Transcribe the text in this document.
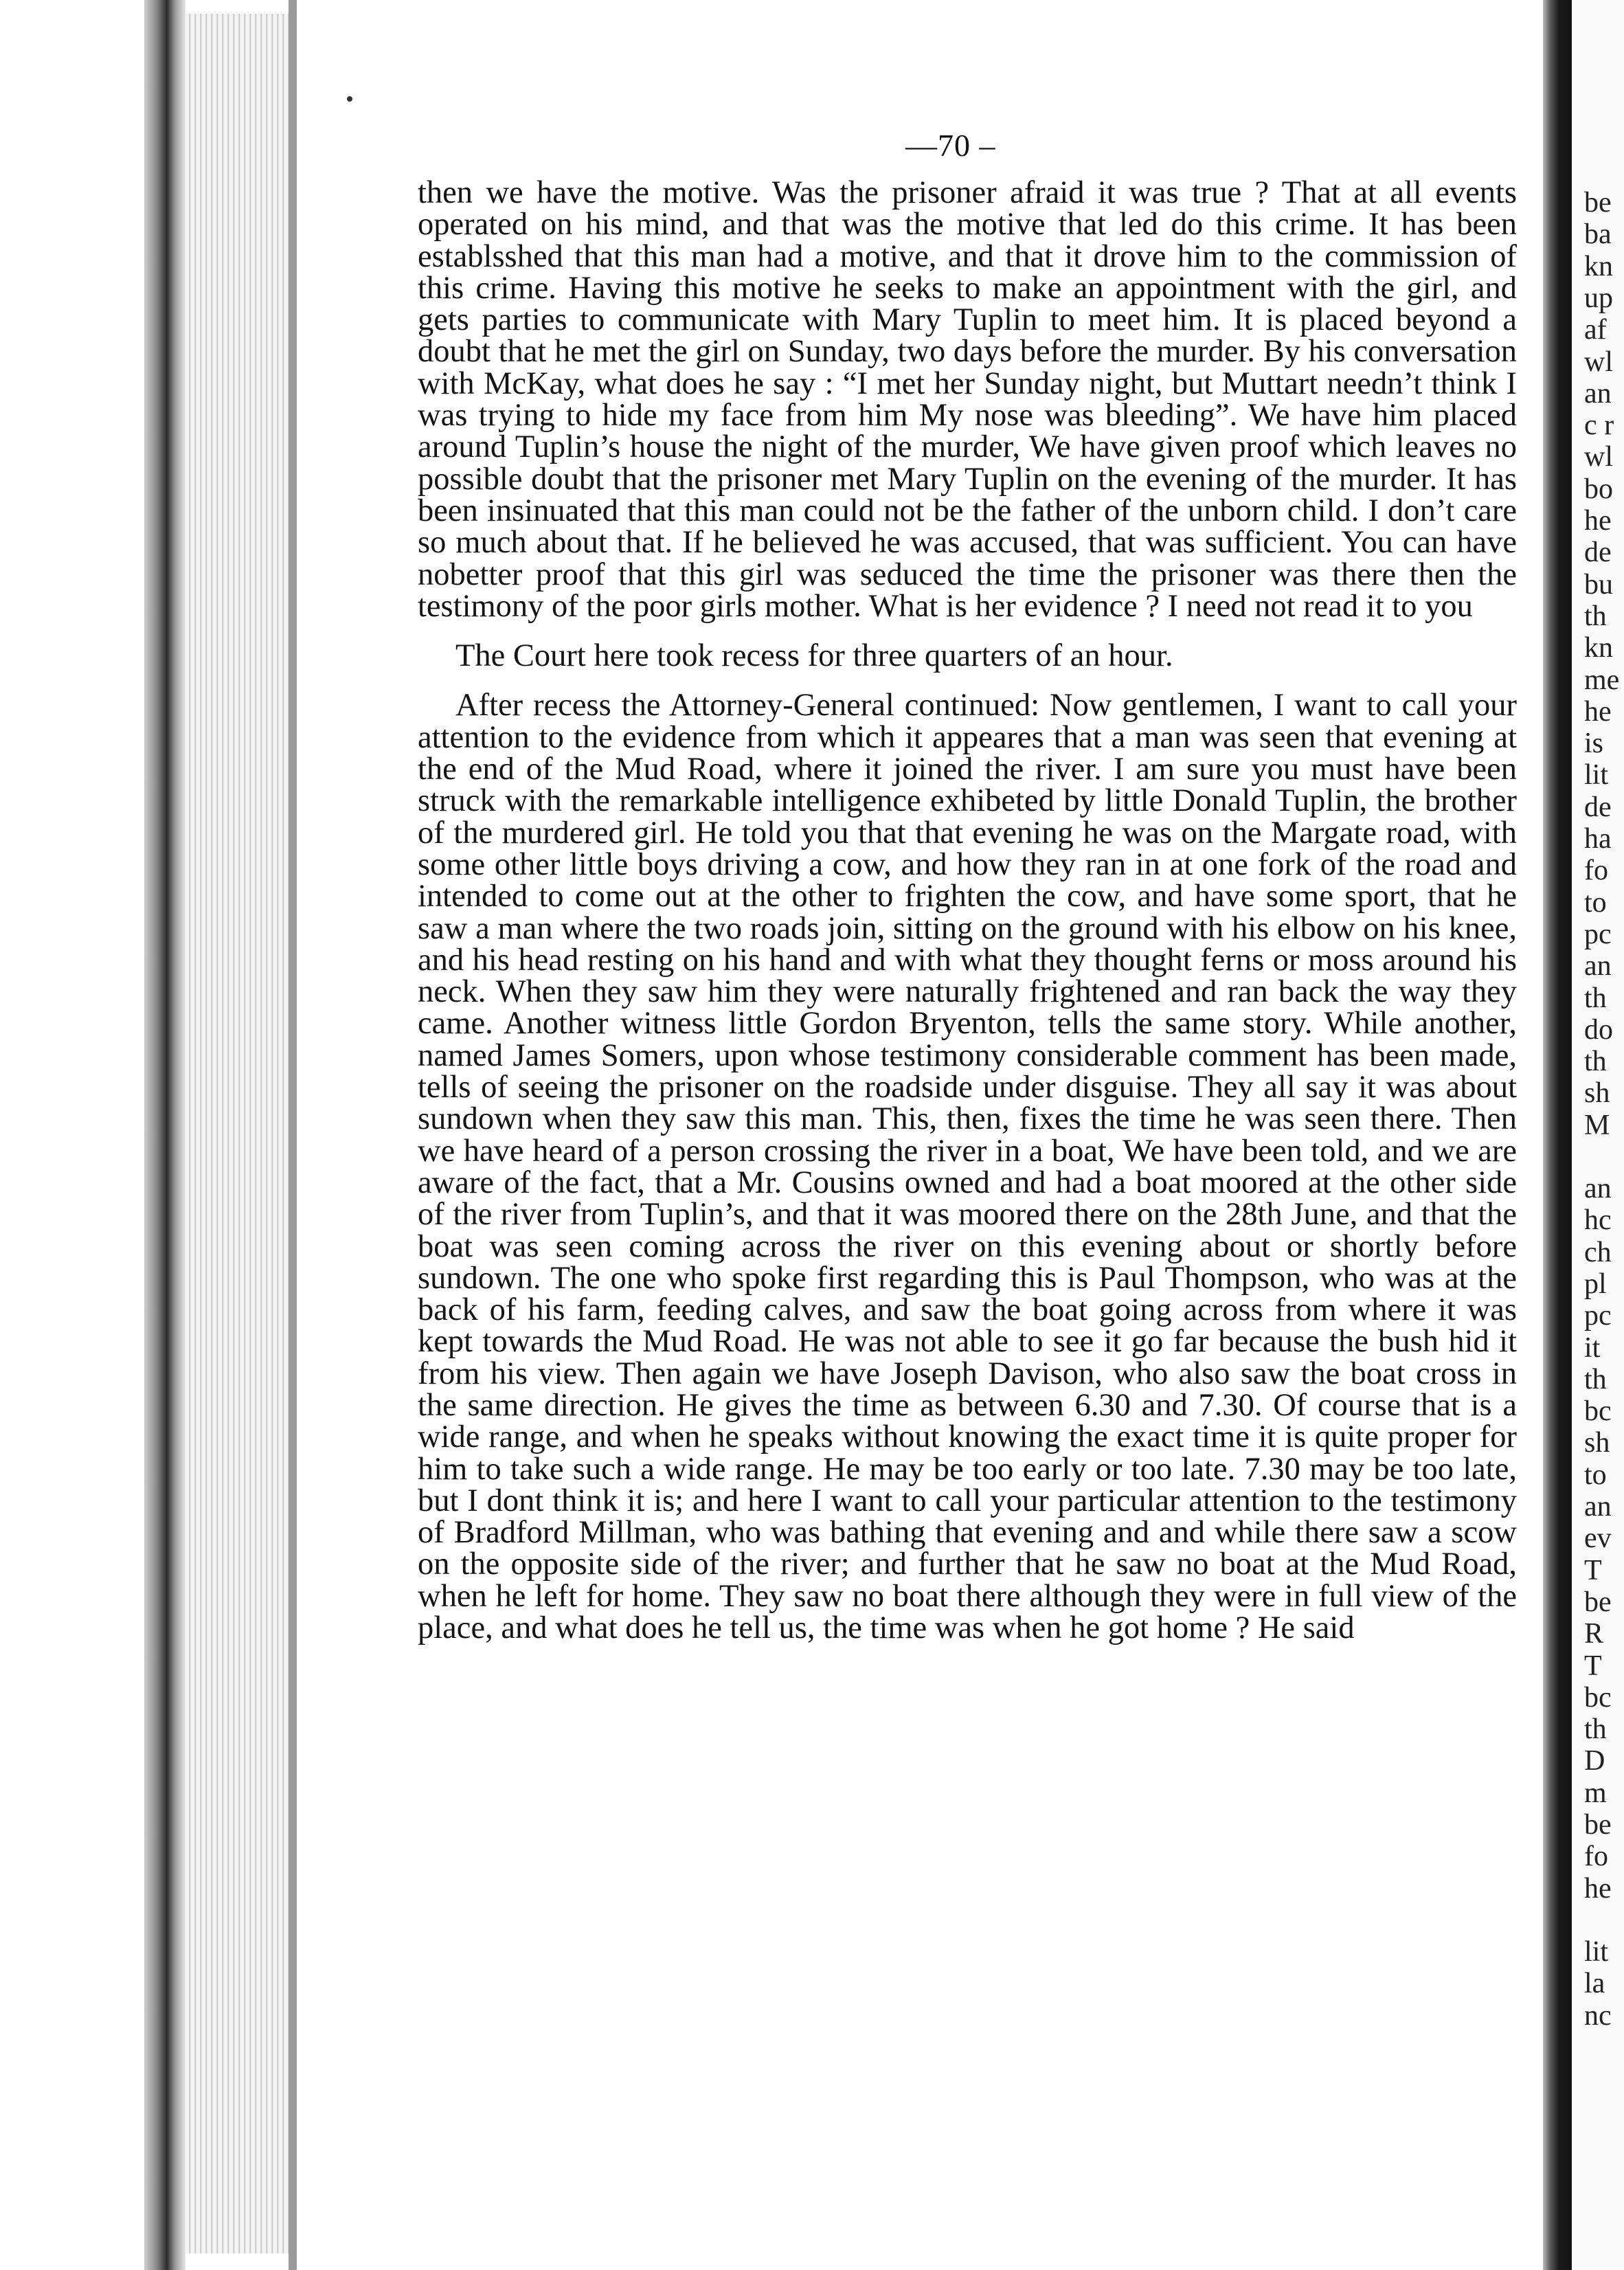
—70 –

then we have the motive. Was the prisoner afraid it was true ? That at all events operated on his mind, and that was the motive that led do this crime. It has been establsshed that this man had a motive, and that it drove him to the commission of this crime. Having this motive he seeks to make an appointment with the girl, and gets parties to communicate with Mary Tuplin to meet him. It is placed beyond a doubt that he met the girl on Sunday, two days before the murder. By his conversation with McKay, what does he say : “I met her Sunday night, but Muttart needn’t think I was trying to hide my face from him My nose was bleeding”. We have him placed around Tuplin’s house the night of the murder, We have given proof which leaves no possible doubt that the prisoner met Mary Tuplin on the evening of the murder. It has been insinuated that this man could not be the father of the unborn child. I don’t care so much about that. If he believed he was accused, that was sufficient. You can have nobetter proof that this girl was seduced the time the prisoner was there then the testimony of the poor girls mother. What is her evidence ? I need not read it to you

The Court here took recess for three quarters of an hour.

After recess the Attorney-General continued: Now gentlemen, I want to call your attention to the evidence from which it appeares that a man was seen that evening at the end of the Mud Road, where it joined the river. I am sure you must have been struck with the remarkable intelligence exhibeted by little Donald Tuplin, the brother of the murdered girl. He told you that that evening he was on the Margate road, with some other little boys driving a cow, and how they ran in at one fork of the road and intended to come out at the other to frighten the cow, and have some sport, that he saw a man where the two roads join, sitting on the ground with his elbow on his knee, and his head resting on his hand and with what they thought ferns or moss around his neck. When they saw him they were naturally frightened and ran back the way they came. Another witness little Gordon Bryenton, tells the same story. While another, named James Somers, upon whose testimony considerable comment has been made, tells of seeing the prisoner on the roadside under disguise. They all say it was about sundown when they saw this man. This, then, fixes the time he was seen there. Then we have heard of a person crossing the river in a boat, We have been told, and we are aware of the fact, that a Mr. Cousins owned and had a boat moored at the other side of the river from Tuplin’s, and that it was moored there on the 28th June, and that the boat was seen coming across the river on this evening about or shortly before sundown. The one who spoke first regarding this is Paul Thompson, who was at the back of his farm, feeding calves, and saw the boat going across from where it was kept towards the Mud Road. He was not able to see it go far because the bush hid it from his view. Then again we have Joseph Davison, who also saw the boat cross in the same direction. He gives the time as between 6.30 and 7.30. Of course that is a wide range, and when he speaks without knowing the exact time it is quite proper for him to take such a wide range. He may be too early or too late. 7.30 may be too late, but I dont think it is; and here I want to call your particular attention to the testimony of Bradford Millman, who was bathing that evening and and while there saw a scow on the opposite side of the river; and further that he saw no boat at the Mud Road, when he left for home. They saw no boat there although they were in full view of the place, and what does he tell us, the time was when he got home ? He said

be
ba
kn
up
af
wl
an
c r
wl
bo
he
de
bu
th
kn
me
he
is
lit
de
ha
fo
to
pc
an
th
do
th
sh
M
an
hc
ch
pl
pc
it
th
bc
sh
to
an
ev
T
be
R
T
bc
th
D
m
be
fo
he
lit
la
nc
